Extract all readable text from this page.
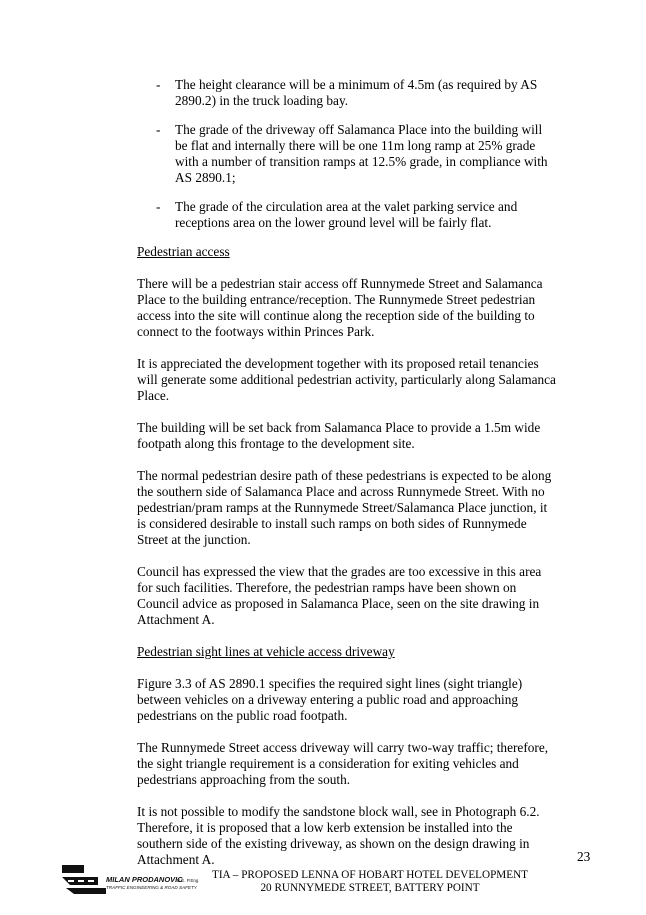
- The height clearance will be a minimum of 4.5m (as required by AS 2890.2) in the truck loading bay.
- The grade of the driveway off Salamanca Place into the building will be flat and internally there will be one 11m long ramp at 25% grade with a number of transition ramps at 12.5% grade, in compliance with AS 2890.1;
- The grade of the circulation area at the valet parking service and receptions area on the lower ground level will be fairly flat.
Pedestrian access

There will be a pedestrian stair access off Runnymede Street and Salamanca Place to the building entrance/reception. The Runnymede Street pedestrian access into the site will continue along the reception side of the building to connect to the footways within Princes Park.

It is appreciated the development together with its proposed retail tenancies will generate some additional pedestrian activity, particularly along Salamanca Place.

The building will be set back from Salamanca Place to provide a 1.5m wide footpath along this frontage to the development site.

The normal pedestrian desire path of these pedestrians is expected to be along the southern side of Salamanca Place and across Runnymede Street. With no pedestrian/pram ramps at the Runnymede Street/Salamanca Place junction, it is considered desirable to install such ramps on both sides of Runnymede Street at the junction.

Council has expressed the view that the grades are too excessive in this area for such facilities. Therefore, the pedestrian ramps have been shown on Council advice as proposed in Salamanca Place, seen on the site drawing in Attachment A.

Pedestrian sight lines at vehicle access driveway

Figure 3.3 of AS 2890.1 specifies the required sight lines (sight triangle) between vehicles on a driveway entering a public road and approaching pedestrians on the public road footpath.

The Runnymede Street access driveway will carry two-way traffic; therefore, the sight triangle requirement is a consideration for exiting vehicles and pedestrians approaching from the south.

It is not possible to modify the sandstone block wall, see in Photograph 6.2. Therefore, it is proposed that a low kerb extension be installed into the southern side of the existing driveway, as shown on the design drawing in Attachment A.	23
MILAN PRODANOVIC
B.E. P.Eng
TRAFFIC ENGINEERING & ROAD SAFETY
TIA – PROPOSED LENNA OF HOBART HOTEL DEVELOPMENT
20 RUNNYMEDE STREET, BATTERY POINT
